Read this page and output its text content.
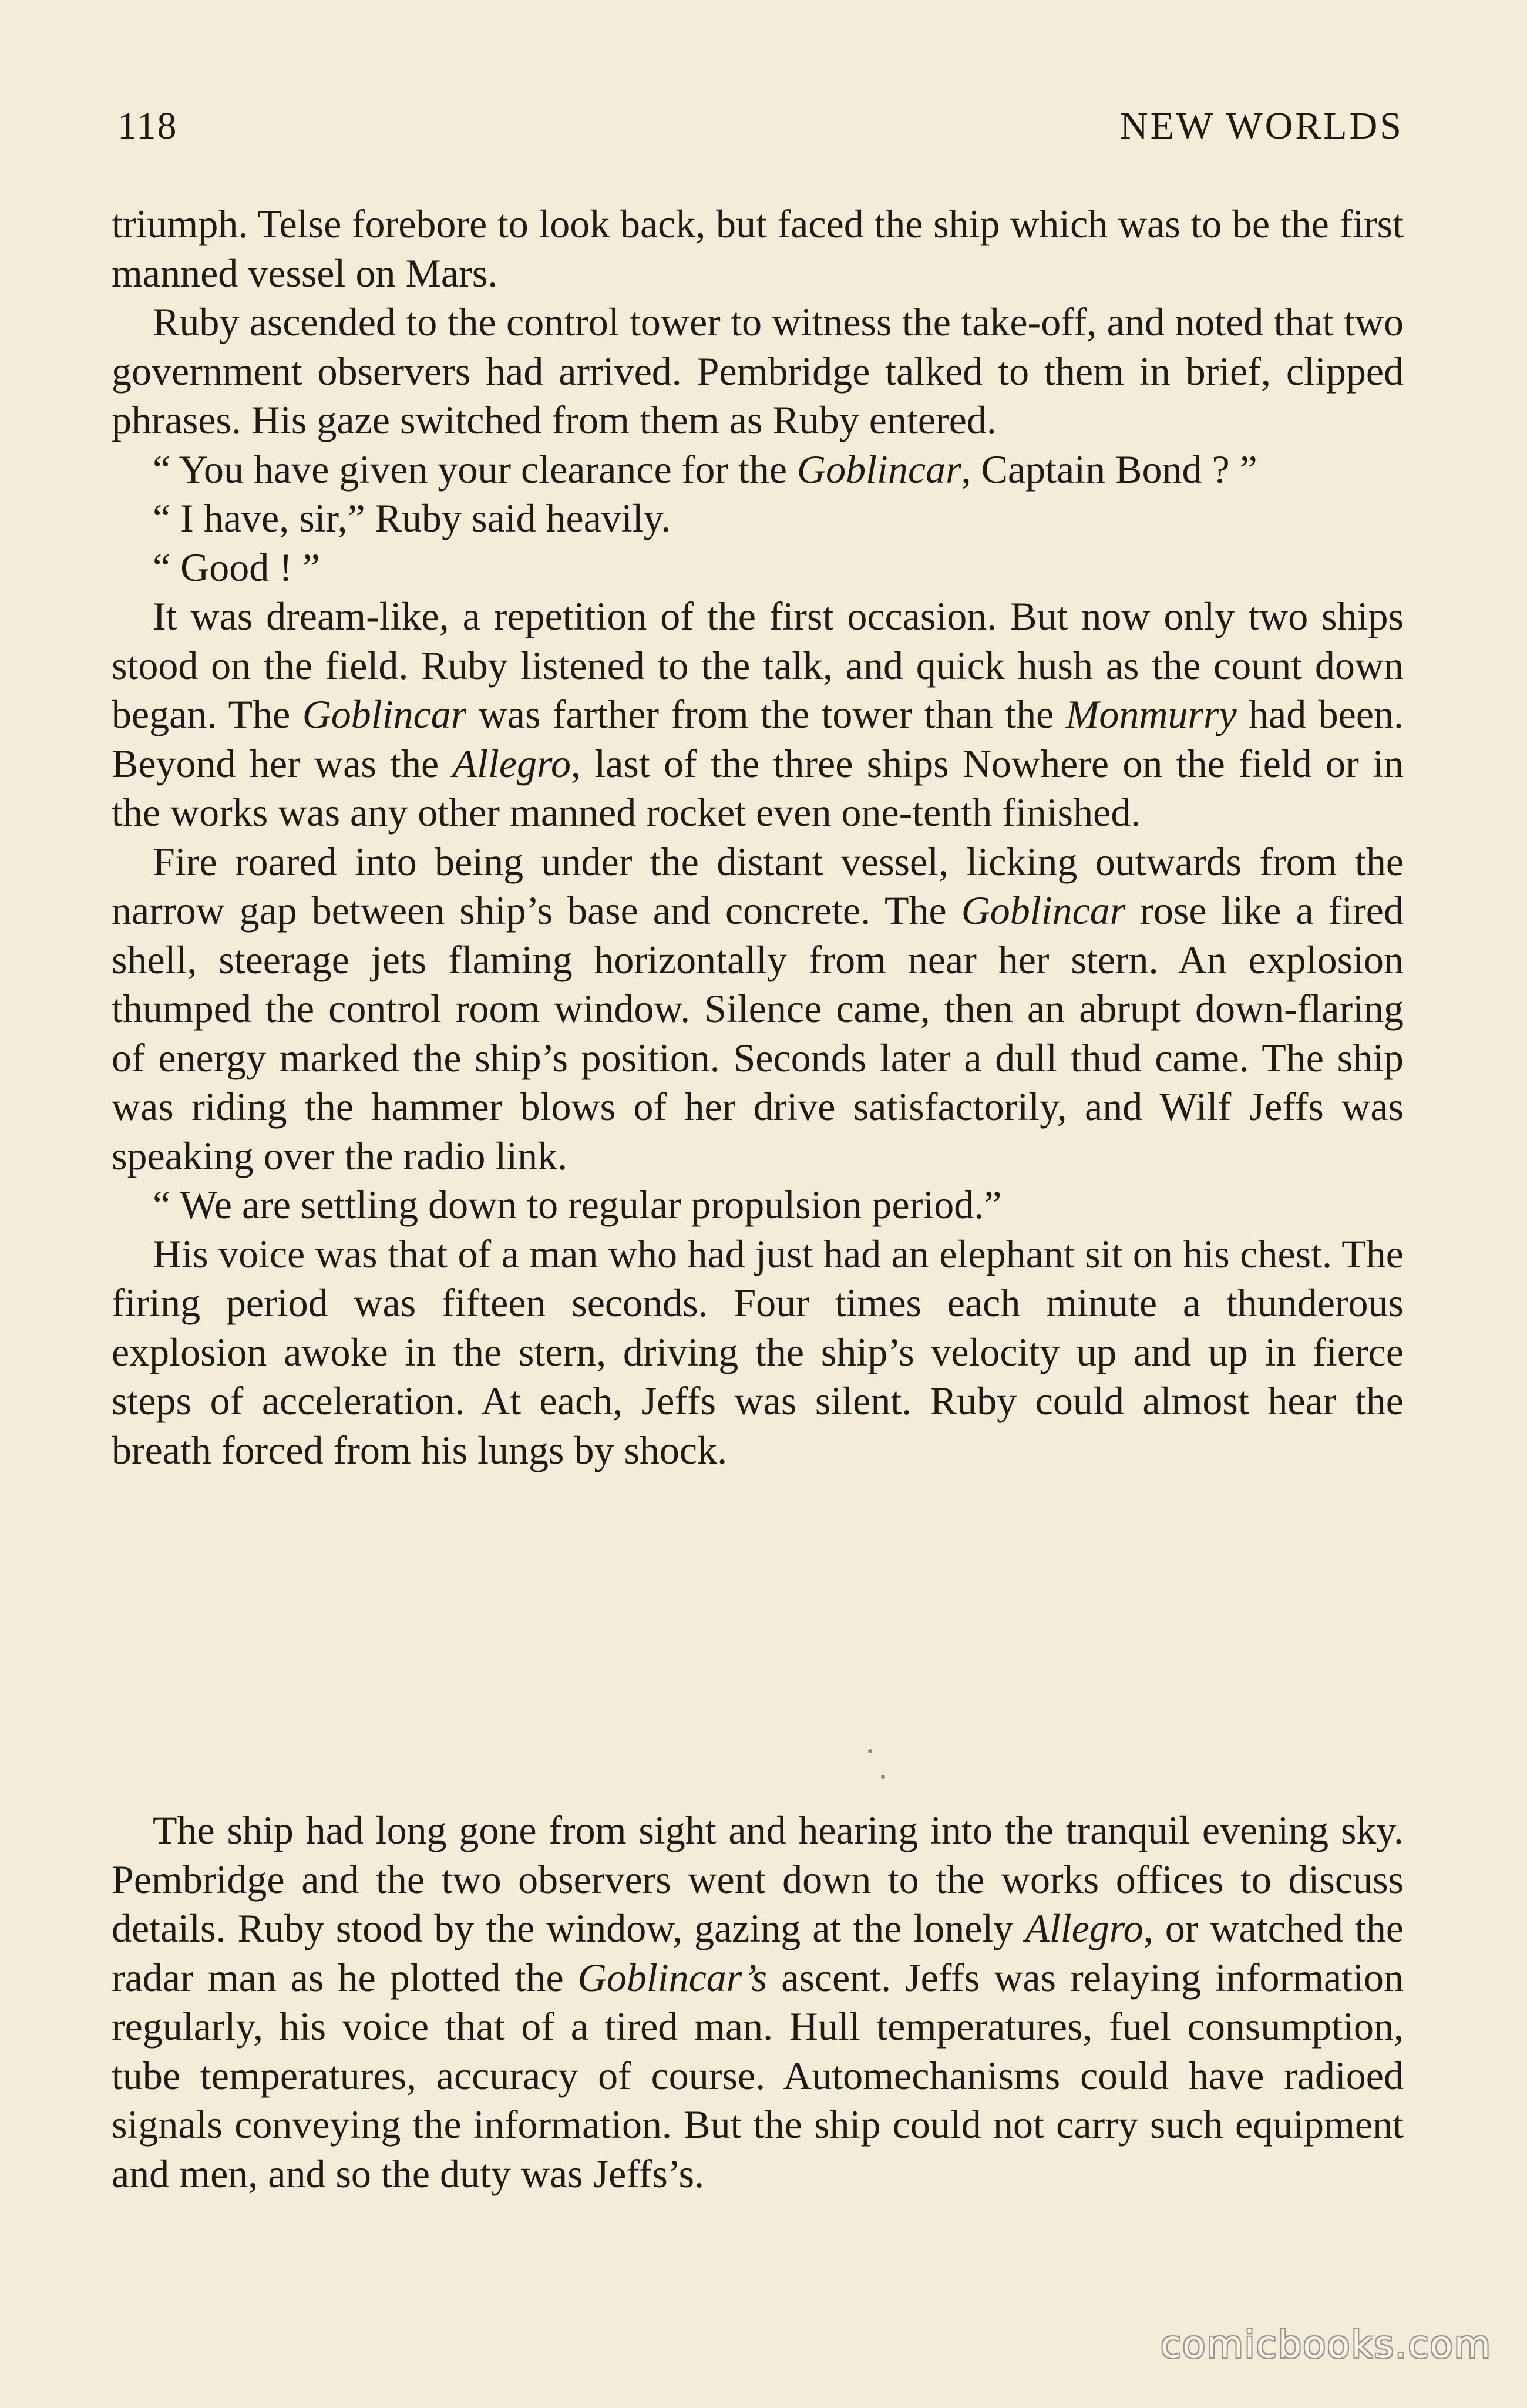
118	NEW WORLDS

triumph. Telse forebore to look back, but faced the ship which was to be the first manned vessel on Mars.

Ruby ascended to the control tower to witness the take-off, and noted that two government observers had arrived. Pembridge talked to them in brief, clipped phrases. His gaze switched from them as Ruby entered.

“ You have given your clearance for the Goblincar, Captain Bond ? ”

“ I have, sir,” Ruby said heavily.

“ Good ! ”

It was dream-like, a repetition of the first occasion. But now only two ships stood on the field. Ruby listened to the talk, and quick hush as the count down began. The Goblincar was farther from the tower than the Monmurry had been. Beyond her was the Allegro, last of the three ships Nowhere on the field or in the works was any other manned rocket even one-tenth finished.

Fire roared into being under the distant vessel, licking outwards from the narrow gap between ship’s base and concrete. The Goblincar rose like a fired shell, steerage jets flaming horizontally from near her stern. An explosion thumped the control room window. Silence came, then an abrupt down-flaring of energy marked the ship’s position. Seconds later a dull thud came. The ship was riding the hammer blows of her drive satisfactorily, and Wilf Jeffs was speaking over the radio link.

“ We are settling down to regular propulsion period.”

His voice was that of a man who had just had an elephant sit on his chest. The firing period was fifteen seconds. Four times each minute a thunderous explosion awoke in the stern, driving the ship’s velocity up and up in fierce steps of acceleration. At each, Jeffs was silent. Ruby could almost hear the breath forced from his lungs by shock.

The ship had long gone from sight and hearing into the tranquil evening sky. Pembridge and the two observers went down to the works offices to discuss details. Ruby stood by the window, gazing at the lonely Allegro, or watched the radar man as he plotted the Goblincar’s ascent. Jeffs was relaying information regularly, his voice that of a tired man. Hull temperatures, fuel consumption, tube temperatures, accuracy of course. Automechanisms could have radioed signals conveying the information. But the ship could not carry such equipment and men, and so the duty was Jeffs’s.

comicbooks.com
